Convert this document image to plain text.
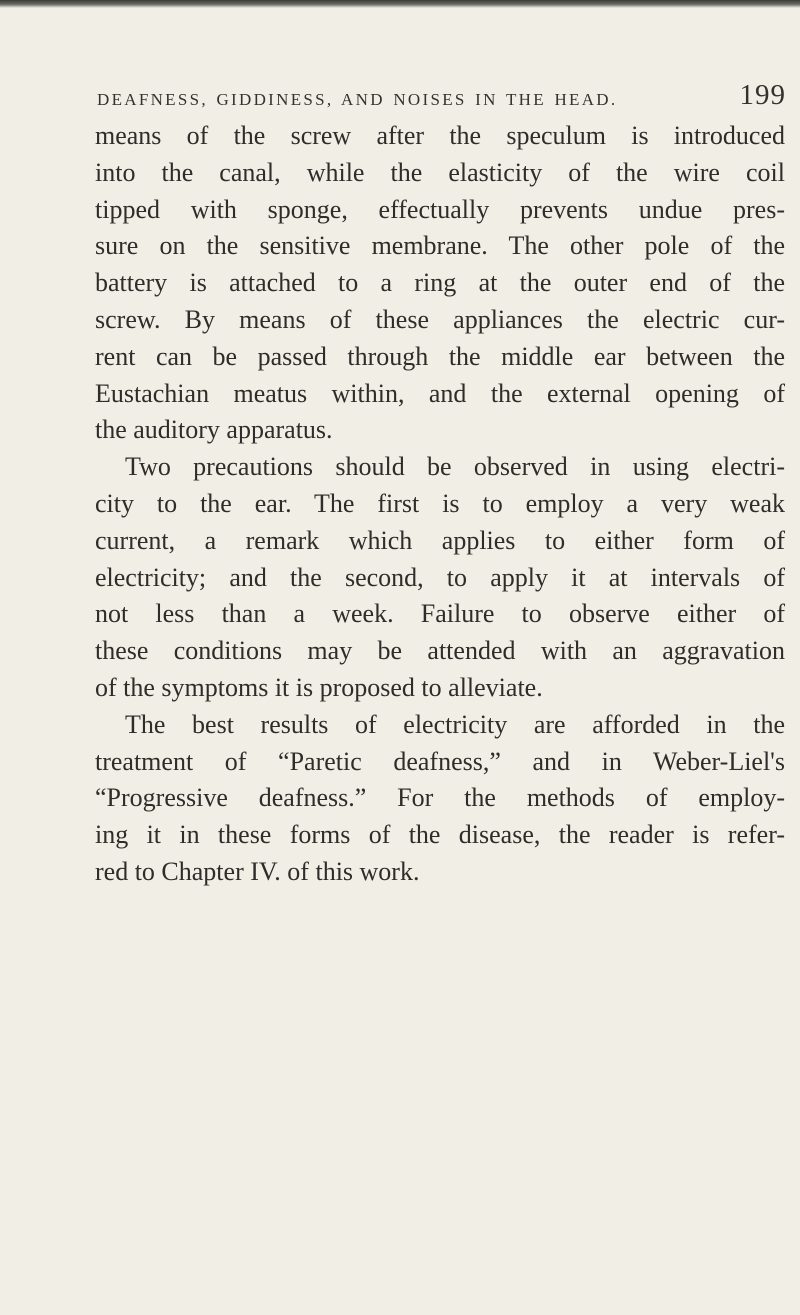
DEAFNESS, GIDDINESS, AND NOISES IN THE HEAD.	199
means of the screw after the speculum is introduced
into the canal, while the elasticity of the wire coil
tipped with sponge, effectually prevents undue pres-
sure on the sensitive membrane. The other pole of the
battery is attached to a ring at the outer end of the
screw. By means of these appliances the electric cur-
rent can be passed through the middle ear between the
Eustachian meatus within, and the external opening of
the auditory apparatus.
Two precautions should be observed in using electri-
city to the ear. The first is to employ a very weak
current, a remark which applies to either form of
electricity; and the second, to apply it at intervals of
not less than a week. Failure to observe either of
these conditions may be attended with an aggravation
of the symptoms it is proposed to alleviate.
The best results of electricity are afforded in the
treatment of “Paretic deafness,” and in Weber-Liel's
“Progressive deafness.” For the methods of employ-
ing it in these forms of the disease, the reader is refer-
red to Chapter IV. of this work.
